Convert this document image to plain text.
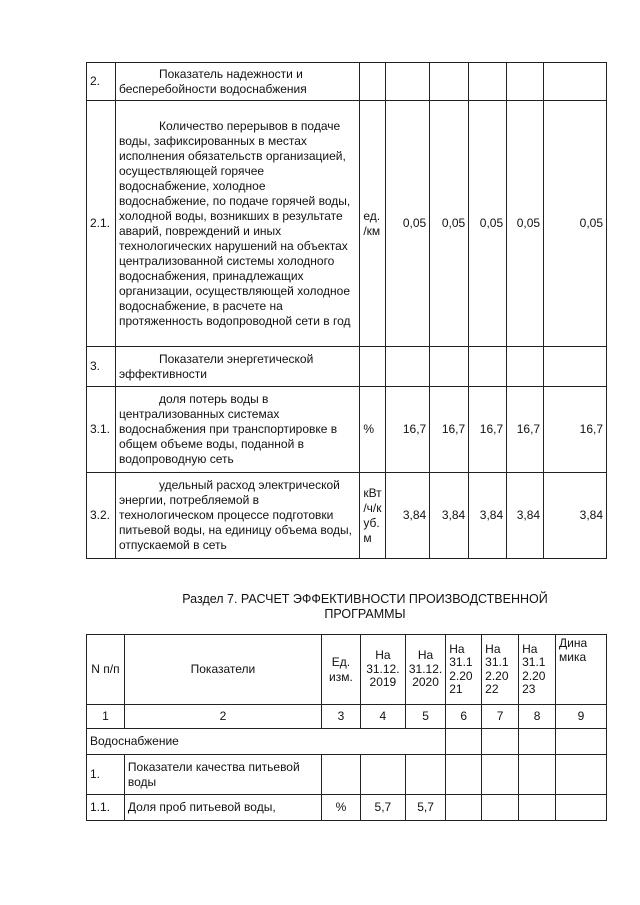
2.	Показатель надежности и бесперебойности водоснабжения						
2.1.	Количество перерывов в подаче воды, зафиксированных в местах исполнения обязательств организацией, осуществляющей горячее водоснабжение, холодное водоснабжение, по подаче горячей воды, холодной воды, возникших в результате аварий, повреждений и иных технологических нарушений на объектах централизованной системы холодного водоснабжения, принадлежащих организации, осуществляющей холодное водоснабжение, в расчете на протяженность водопроводной сети в год	ед. /км	0,05	0,05	0,05	0,05	0,05
3.	Показатели энергетической эффективности						
3.1.	доля потерь воды в централизованных системах водоснабжения при транспортировке в общем объеме воды, поданной в водопроводную сеть	%	16,7	16,7	16,7	16,7	16,7
3.2.	удельный расход электрической энергии, потребляемой в технологическом процессе подготовки питьевой воды, на единицу объема воды, отпускаемой в сеть	кВт /ч/к уб. м	3,84	3,84	3,84	3,84	3,84
Раздел 7. РАСЧЕТ ЭФФЕКТИВНОСТИ ПРОИЗВОДСТВЕННОЙ ПРОГРАММЫ
N п/п	Показатели	Ед. изм.	На 31.12. 2019	На 31.12. 2020	На 31.1 2.20 21	На 31.1 2.20 22	На 31.1 2.20 23	Дина мика
1	2	3	4	5	6	7	8	9
Водоснабжение								
1.	Показатели качества питьевой воды							
1.1.	Доля проб питьевой воды,	%	5,7	5,7				
